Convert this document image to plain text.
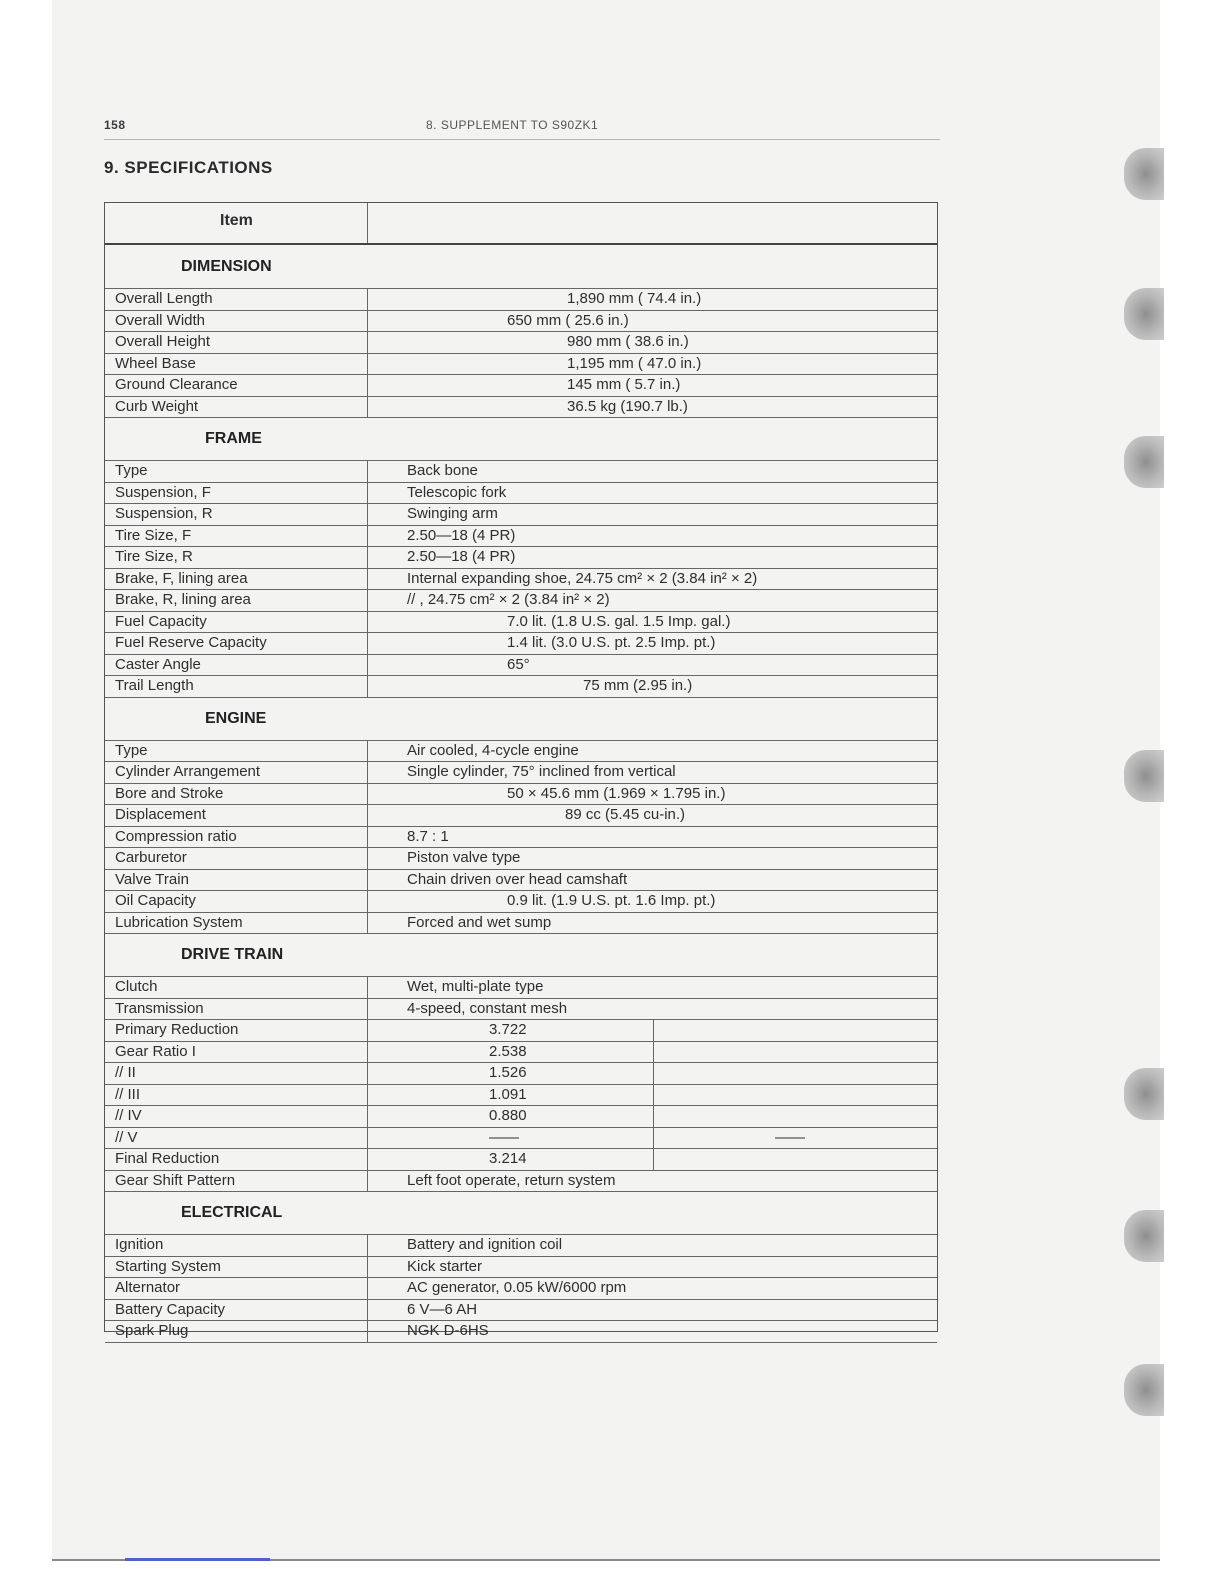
158	8. SUPPLEMENT TO S90ZK1
9. SPECIFICATIONS
Item
DIMENSION
Overall Length	1,890 mm ( 74.4 in.)
Overall Width	650 mm ( 25.6 in.)
Overall Height	980 mm ( 38.6 in.)
Wheel Base	1,195 mm ( 47.0 in.)
Ground Clearance	145 mm ( 5.7 in.)
Curb Weight	36.5 kg (190.7 lb.)
FRAME
Type	Back bone
Suspension, F	Telescopic fork
Suspension, R	Swinging arm
Tire Size, F	2.50—18 (4 PR)
Tire Size, R	2.50—18 (4 PR)
Brake, F, lining area	Internal expanding shoe, 24.75 cm² × 2 (3.84 in² × 2)
Brake, R, lining area	// , 24.75 cm² × 2 (3.84 in² × 2)
Fuel Capacity	7.0 lit. (1.8 U.S. gal. 1.5 Imp. gal.)
Fuel Reserve Capacity	1.4 lit. (3.0 U.S. pt. 2.5 Imp. pt.)
Caster Angle	65°
Trail Length	75 mm (2.95 in.)
ENGINE
Type	Air cooled, 4-cycle engine
Cylinder Arrangement	Single cylinder, 75° inclined from vertical
Bore and Stroke	50 × 45.6 mm (1.969 × 1.795 in.)
Displacement	89 cc (5.45 cu-in.)
Compression ratio	8.7 : 1
Carburetor	Piston valve type
Valve Train	Chain driven over head camshaft
Oil Capacity	0.9 lit. (1.9 U.S. pt. 1.6 Imp. pt.)
Lubrication System	Forced and wet sump
DRIVE TRAIN
Clutch	Wet, multi-plate type
Transmission	4-speed, constant mesh
Primary Reduction	3.722
Gear Ratio I	2.538
// II	1.526
// III	1.091
// IV	0.880
// V	——	——
Final Reduction	3.214
Gear Shift Pattern	Left foot operate, return system
ELECTRICAL
Ignition	Battery and ignition coil
Starting System	Kick starter
Alternator	AC generator, 0.05 kW/6000 rpm
Battery Capacity	6 V—6 AH
Spark Plug	NGK D-6HS
